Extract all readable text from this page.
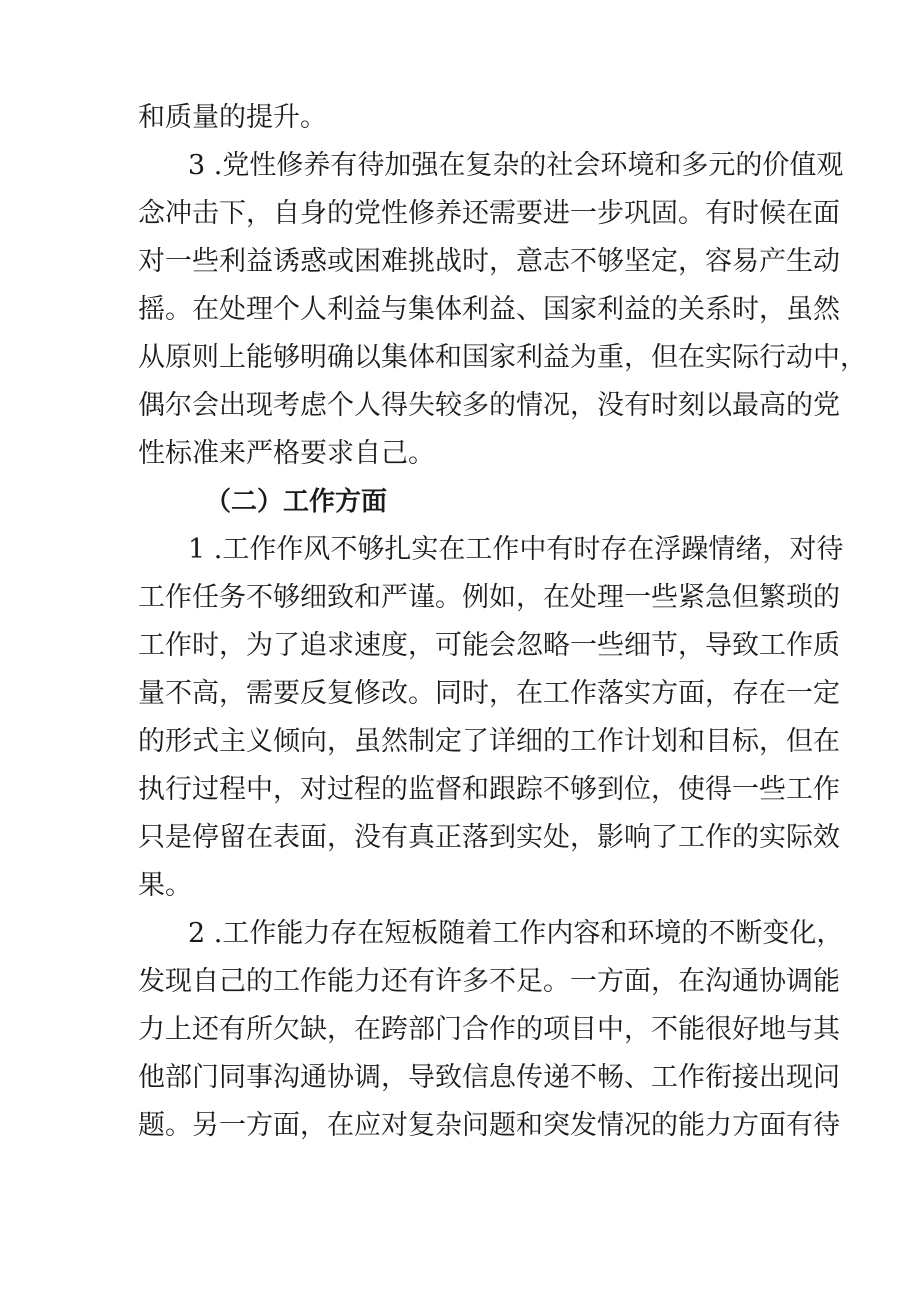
和质量的提升。
3 .党性修养有待加强在复杂的社会环境和多元的价值观
念冲击下，自身的党性修养还需要进一步巩固。有时候在面
对一些利益诱惑或困难挑战时，意志不够坚定，容易产生动
摇。在处理个人利益与集体利益、国家利益的关系时，虽然
从原则上能够明确以集体和国家利益为重，但在实际行动中，
偶尔会出现考虑个人得失较多的情况，没有时刻以最高的党
性标准来严格要求自己。
（二）工作方面
1 .工作作风不够扎实在工作中有时存在浮躁情绪，对待
工作任务不够细致和严谨。例如，在处理一些紧急但繁琐的
工作时，为了追求速度，可能会忽略一些细节，导致工作质
量不高，需要反复修改。同时，在工作落实方面，存在一定
的形式主义倾向，虽然制定了详细的工作计划和目标，但在
执行过程中，对过程的监督和跟踪不够到位，使得一些工作
只是停留在表面，没有真正落到实处，影响了工作的实际效
果。
2 .工作能力存在短板随着工作内容和环境的不断变化，
发现自己的工作能力还有许多不足。一方面，在沟通协调能
力上还有所欠缺，在跨部门合作的项目中，不能很好地与其
他部门同事沟通协调，导致信息传递不畅、工作衔接出现问
题。另一方面，在应对复杂问题和突发情况的能力方面有待
